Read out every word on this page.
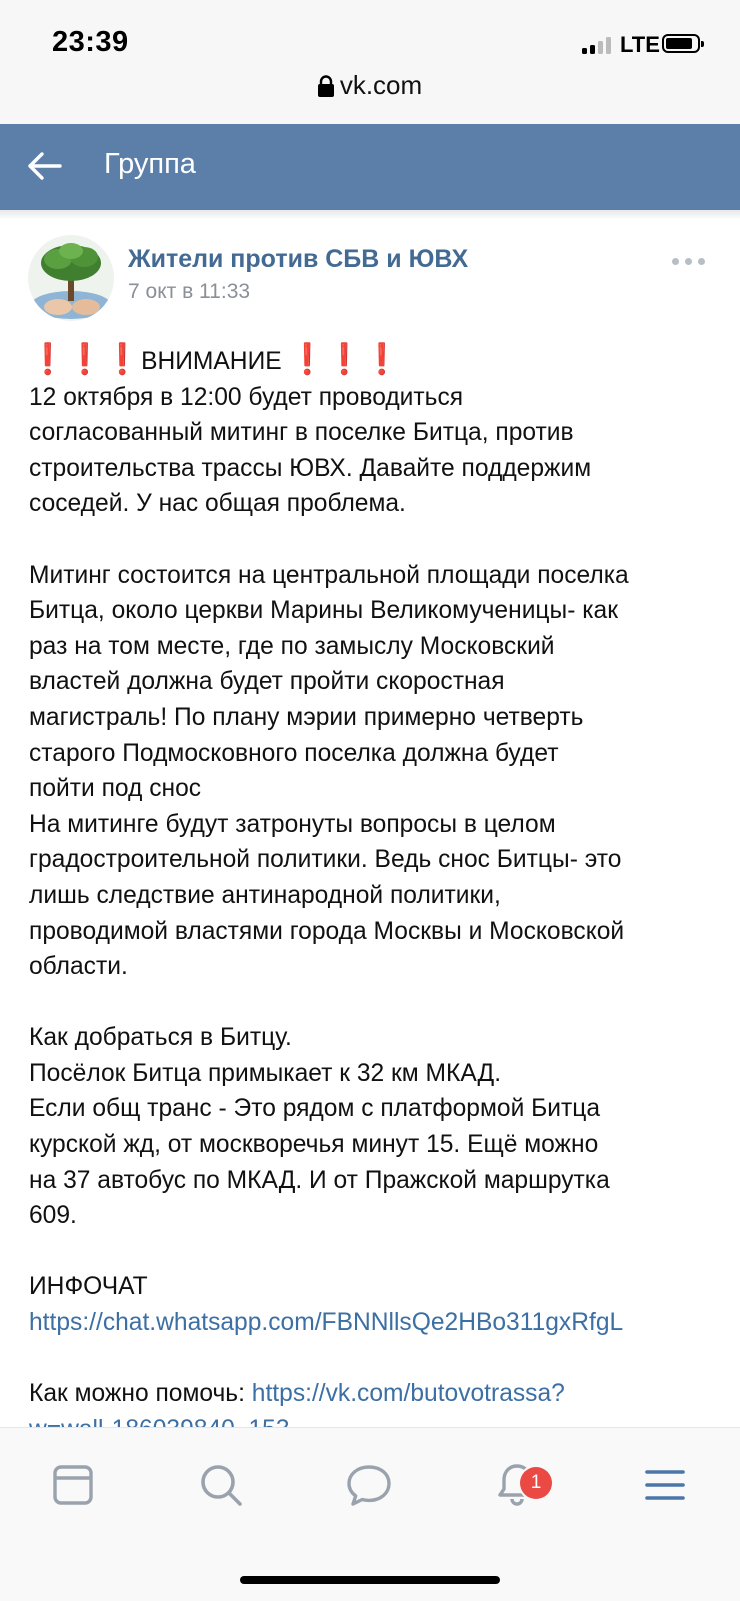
23:39	LTE
vk.com
Группа
Жители против СБВ и ЮВХ
7 окт в 11:33

❗❗❗ВНИМАНИЕ ❗❗❗

12 октября в 12:00 будет проводиться

согласованный митинг в поселке Битца, против

строительства трассы ЮВХ. Давайте поддержим

соседей. У нас общая проблема.

Митинг состоится на центральной площади поселка

Битца, около церкви Марины Великомученицы- как

раз на том месте, где по замыслу Московский

властей должна будет пройти скоростная

магистраль! По плану мэрии примерно четверть

старого Подмосковного поселка должна будет

пойти под снос

На митинге будут затронуты вопросы в целом

градостроительной политики. Ведь снос Битцы- это

лишь следствие антинародной политики,

проводимой властями города Москвы и Московской

области.

Как добраться в Битцу.

Посёлок Битца примыкает к 32 км МКАД.

Если общ транс - Это рядом с платформой Битца

курской жд, от москворечья минут 15. Ещё можно

на 37 автобус по МКАД. И от Пражской маршрутка

609.

ИНФОЧАТ

https://chat.whatsapp.com/FBNNllsQe2HBo311gxRfgL

Как можно помочь: https://vk.com/butovotrassa?

1
